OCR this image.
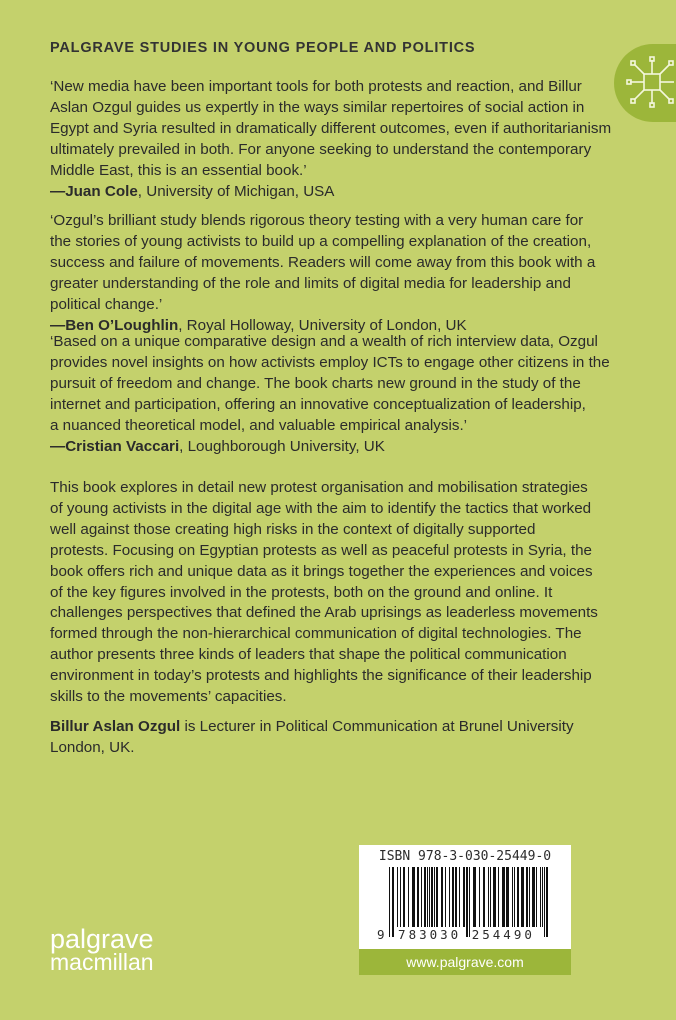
PALGRAVE STUDIES IN YOUNG PEOPLE AND POLITICS
‘New media have been important tools for both protests and reaction, and Billur
Aslan Ozgul guides us expertly in the ways similar repertoires of social action in
Egypt and Syria resulted in dramatically different outcomes, even if authoritarianism
ultimately prevailed in both. For anyone seeking to understand the contemporary
Middle East, this is an essential book.’
—Juan Cole, University of Michigan, USA
‘Ozgul’s brilliant study blends rigorous theory testing with a very human care for
the stories of young activists to build up a compelling explanation of the creation,
success and failure of movements. Readers will come away from this book with a
greater understanding of the role and limits of digital media for leadership and
political change.’
—Ben O’Loughlin, Royal Holloway, University of London, UK
‘Based on a unique comparative design and a wealth of rich interview data, Ozgul
provides novel insights on how activists employ ICTs to engage other citizens in the
pursuit of freedom and change. The book charts new ground in the study of the
internet and participation, offering an innovative conceptualization of leadership,
a nuanced theoretical model, and valuable empirical analysis.’
—Cristian Vaccari, Loughborough University, UK
This book explores in detail new protest organisation and mobilisation strategies
of young activists in the digital age with the aim to identify the tactics that worked
well against those creating high risks in the context of digitally supported
protests. Focusing on Egyptian protests as well as peaceful protests in Syria, the
book offers rich and unique data as it brings together the experiences and voices
of the key figures involved in the protests, both on the ground and online. It
challenges perspectives that defined the Arab uprisings as leaderless movements
formed through the non-hierarchical communication of digital technologies. The
author presents three kinds of leaders that shape the political communication
environment in today’s protests and highlights the significance of their leadership
skills to the movements’ capacities.
Billur Aslan Ozgul is Lecturer in Political Communication at Brunel University
London, UK.
palgrave
macmillan
ISBN 978-3-030-25449-0
9 783030 254490
www.palgrave.com
